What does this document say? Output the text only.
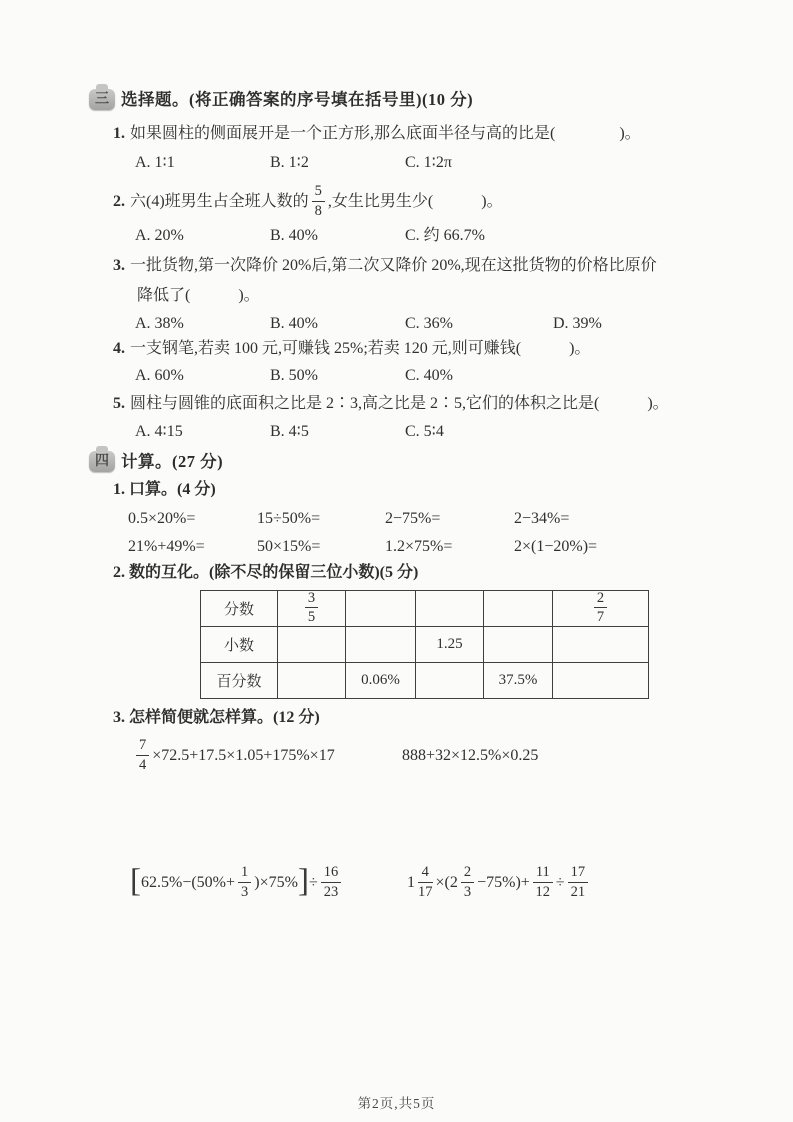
三 选择题。(将正确答案的序号填在括号里)(10 分)
1. 如果圆柱的侧面展开是一个正方形,那么底面半径与高的比是(　　　　)。
A. 1∶1	B. 1∶2	C. 1∶2π
2. 六(4)班男生占全班人数的 $\frac{5}{8}$ ,女生比男生少(　　　)。
A. 20%	B. 40%	C. 约 66.7%
3. 一批货物,第一次降价 20%后,第二次又降价 20%,现在这批货物的价格比原价
降低了(　　　)。
A. 38%	B. 40%	C. 36%	D. 39%
4. 一支钢笔,若卖 100 元,可赚钱 25%;若卖 120 元,则可赚钱(　　　)。
A. 60%	B. 50%	C. 40%
5. 圆柱与圆锥的底面积之比是 2∶3,高之比是 2∶5,它们的体积之比是(　　　)。
A. 4∶15	B. 4∶5	C. 5∶4
四 计算。(27 分)
1. 口算。(4 分)
0.5×20%=	15÷50%=	2−75%=	2−34%=
21%+49%=	50×15%=	1.2×75%=	2×(1−20%)=
2. 数的互化。(除不尽的保留三位小数)(5 分)
分数	$\frac{3}{5}$				$\frac{2}{7}$

小数			1.25		
百分数		0.06%		37.5%	
3. 怎样简便就怎样算。(12 分)
$\frac{7}{4} \times 72.5+17.5\times 1.05+175\%\times 17$	888+32×12.5%×0.25
[ $62.5\%-(50\%+ \frac{1}{3} )\times 75\%$ ] ÷ $\frac{16}{23}$	$1 \frac{4}{17} \times(2 \frac{2}{3} -75\%)+ \frac{11}{12} \div \frac{17}{21}$
第2页,共5页
